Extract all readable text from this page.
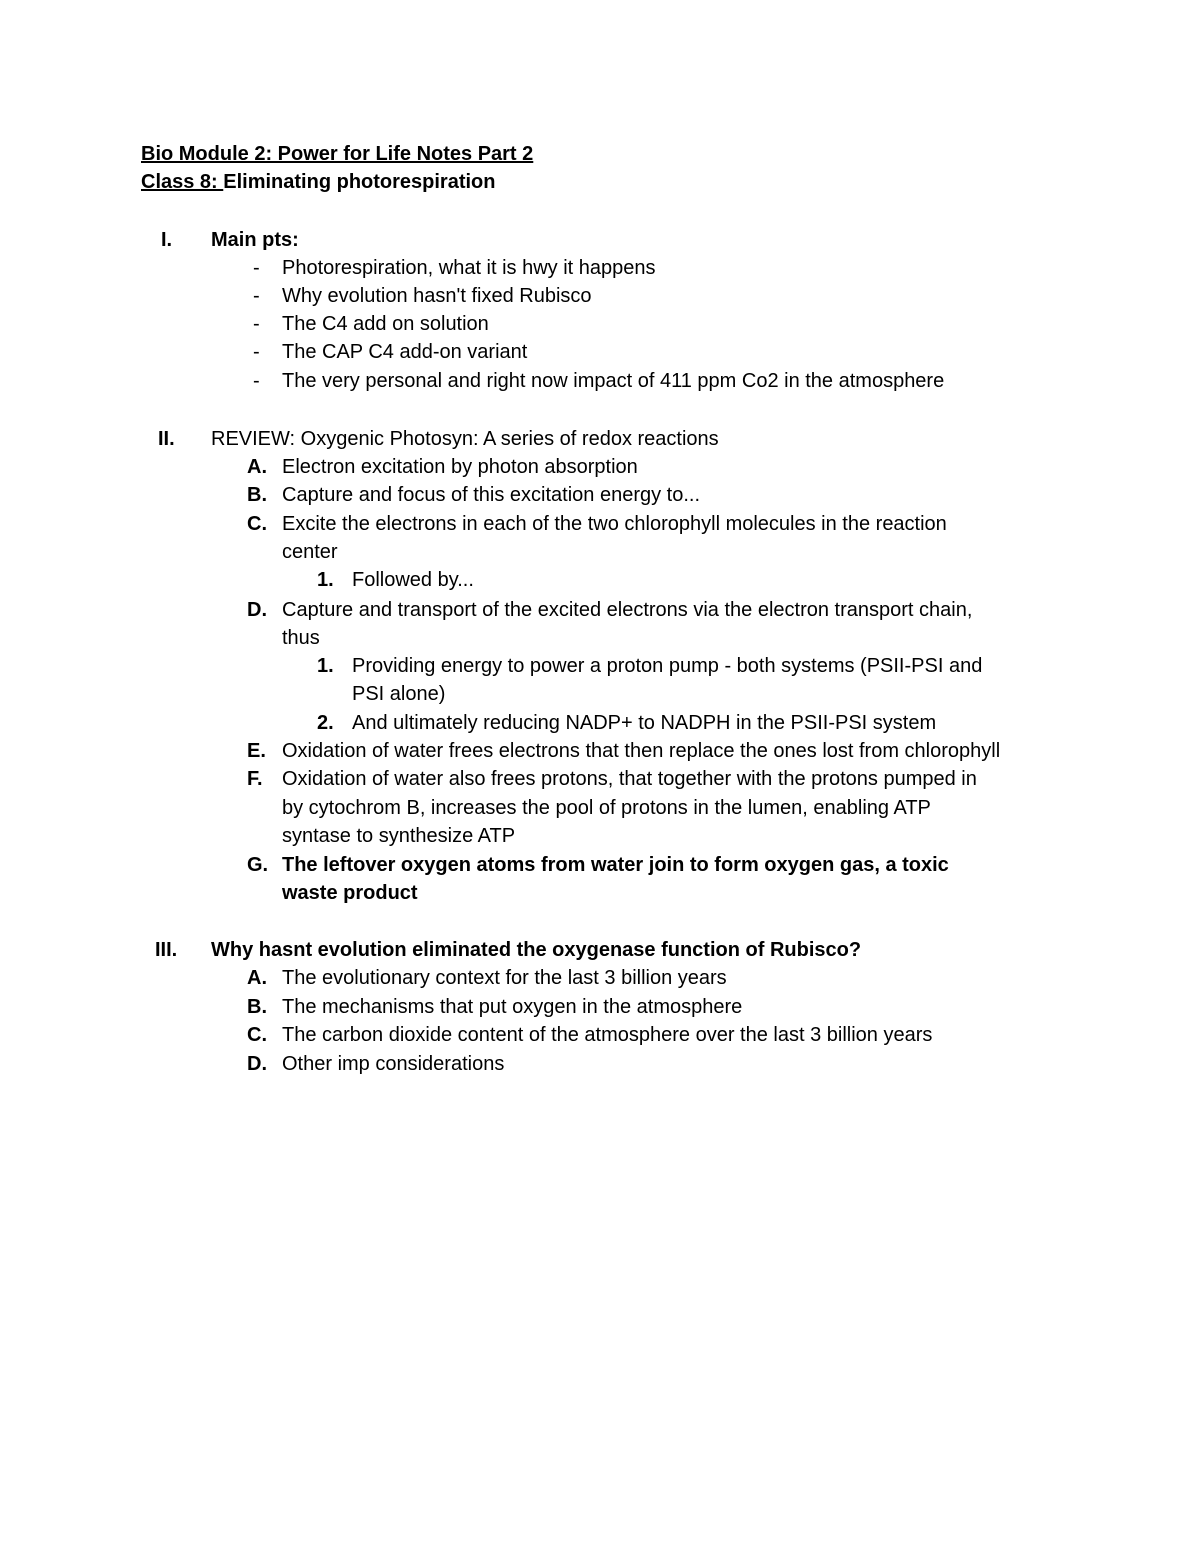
Bio Module 2: Power for Life Notes Part 2
Class 8: Eliminating photorespiration
I. Main pts:
- Photorespiration, what it is hwy it happens
- Why evolution hasn't fixed Rubisco
- The C4 add on solution
- The CAP C4 add-on variant
- The very personal and right now impact of 411 ppm Co2 in the atmosphere
II. REVIEW: Oxygenic Photosyn: A series of redox reactions
A. Electron excitation by photon absorption
B. Capture and focus of this excitation energy to...
C. Excite the electrons in each of the two chlorophyll molecules in the reaction
center
1. Followed by...
D. Capture and transport of the excited electrons via the electron transport chain,
thus
1. Providing energy to power a proton pump - both systems (PSII-PSI and
PSI alone)
2. And ultimately reducing NADP+ to NADPH in the PSII-PSI system
E. Oxidation of water frees electrons that then replace the ones lost from chlorophyll
F. Oxidation of water also frees protons, that together with the protons pumped in
by cytochrom B, increases the pool of protons in the lumen, enabling ATP
syntase to synthesize ATP
G. The leftover oxygen atoms from water join to form oxygen gas, a toxic
waste product
III. Why hasnt evolution eliminated the oxygenase function of Rubisco?
A. The evolutionary context for the last 3 billion years
B. The mechanisms that put oxygen in the atmosphere
C. The carbon dioxide content of the atmosphere over the last 3 billion years
D. Other imp considerations
